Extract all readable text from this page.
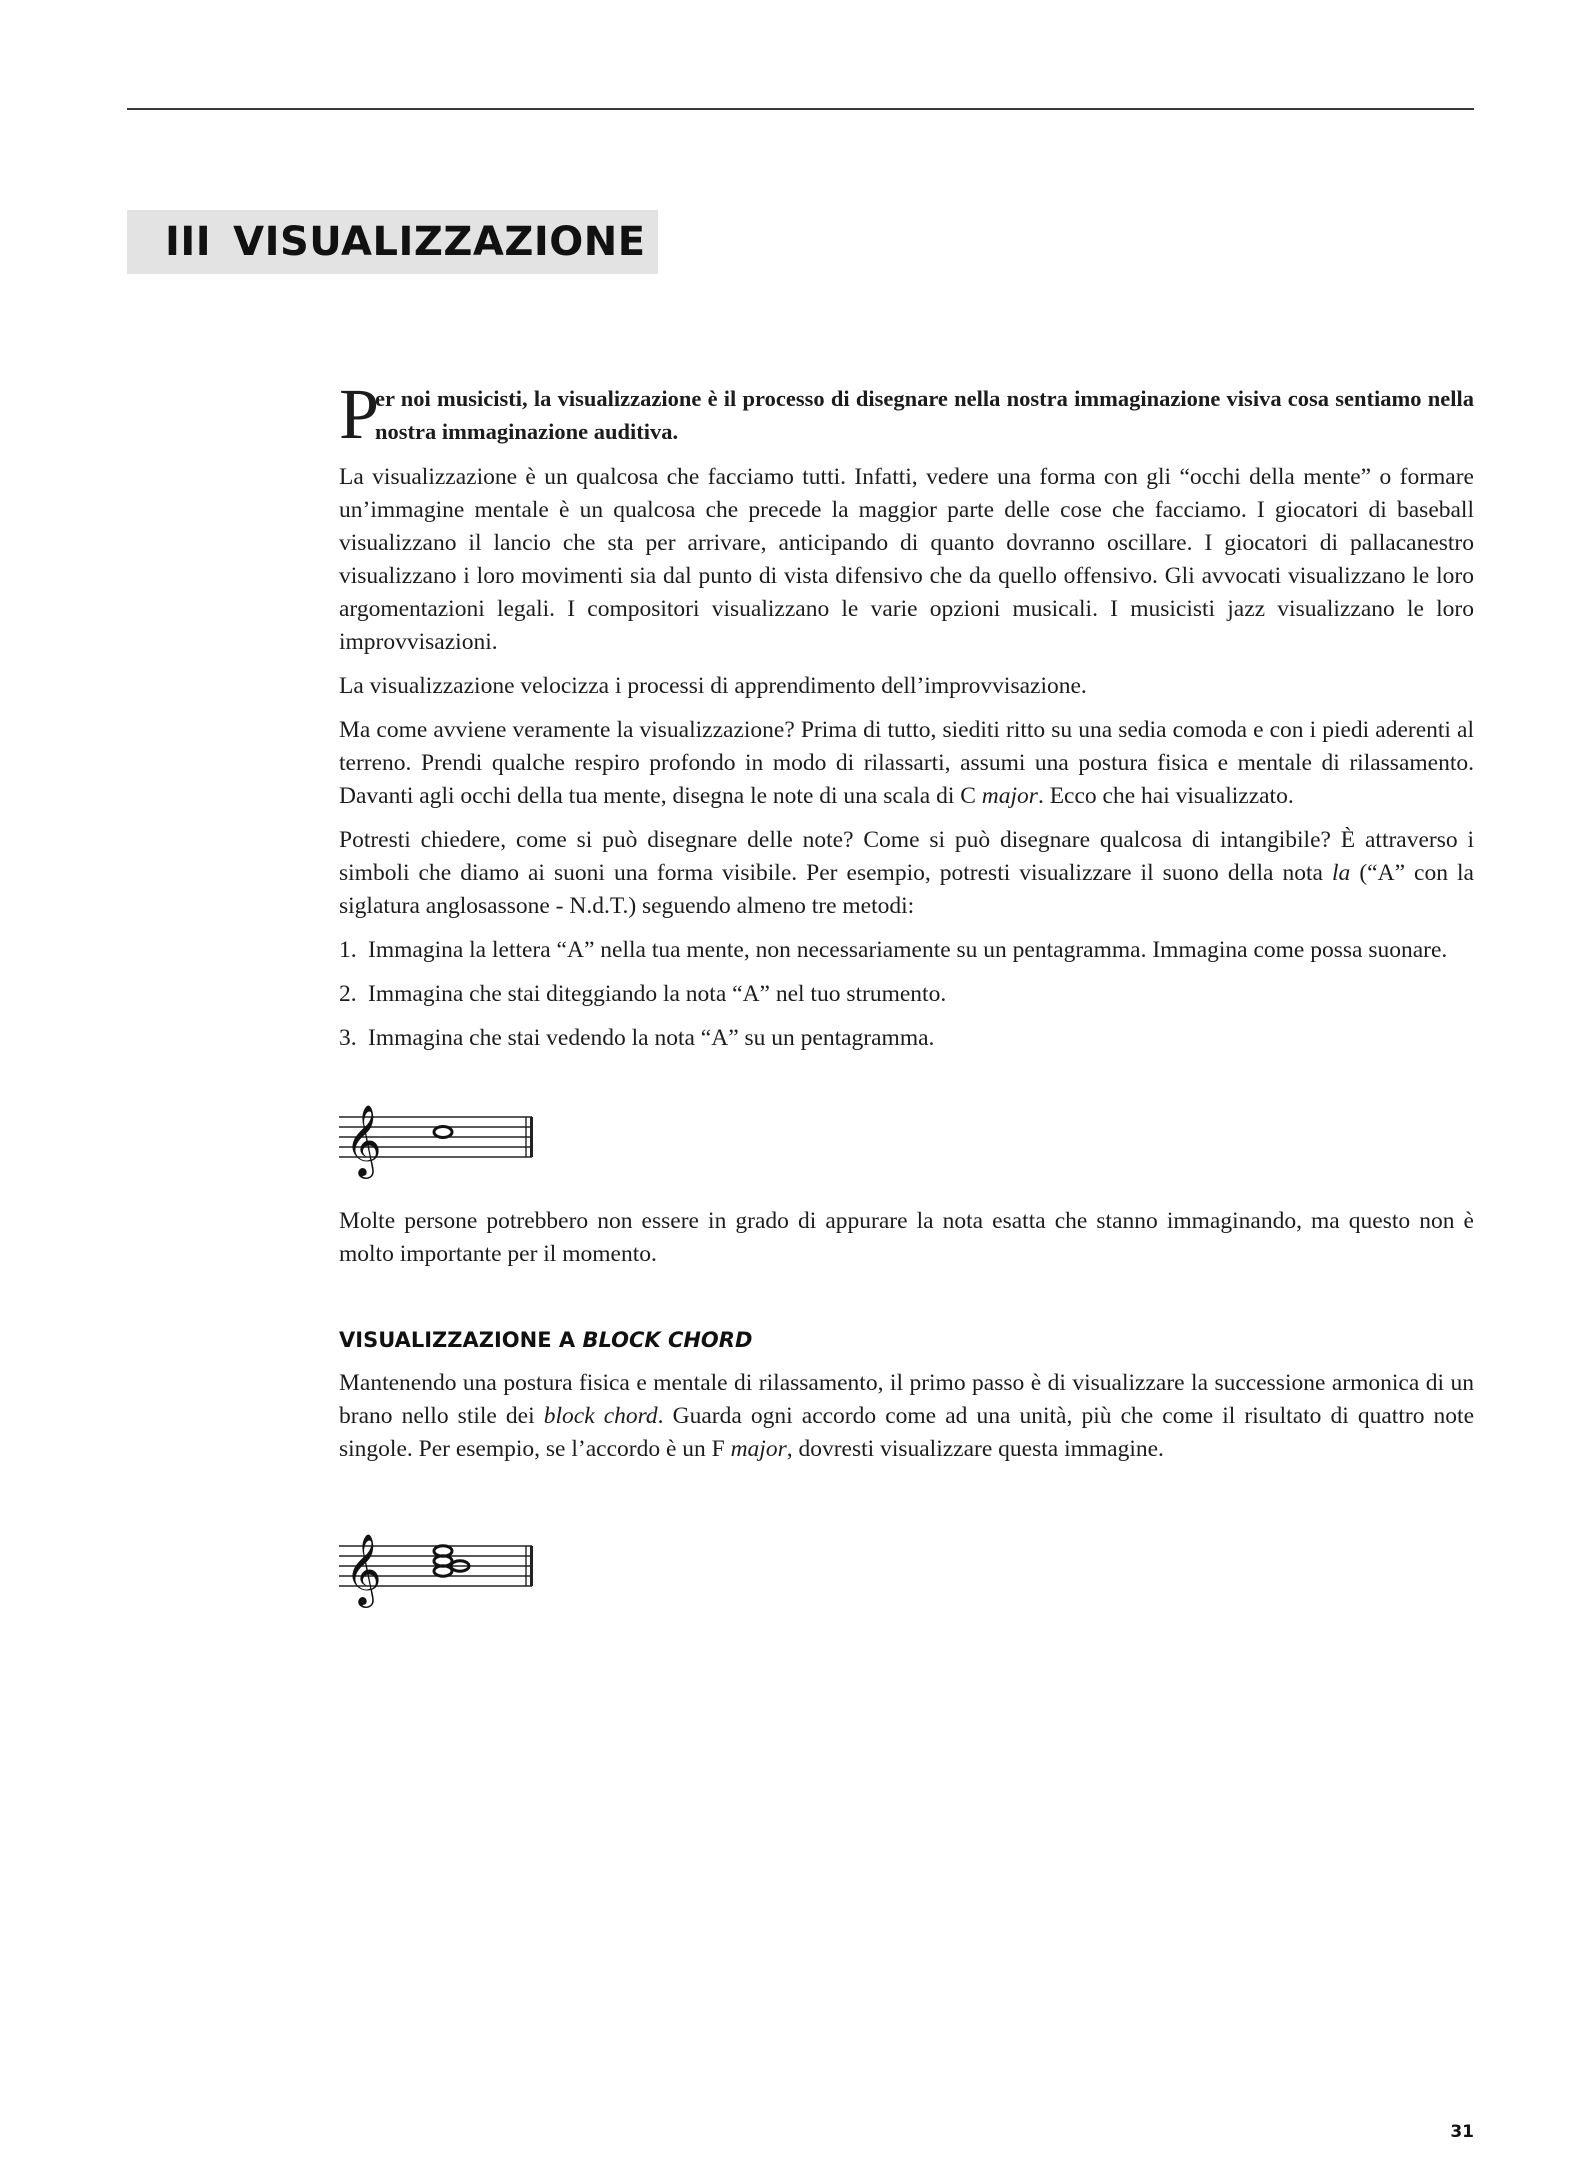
III VISUALIZZAZIONE

P
er noi musicisti, la visualizzazione è il processo di disegnare nella nostra immaginazione visiva cosa sentiamo nella nostra immaginazione auditiva.

La visualizzazione è un qualcosa che facciamo tutti. Infatti, vedere una forma con gli “occhi della mente” o formare un’immagine mentale è un qualcosa che precede la maggior parte delle cose che facciamo. I giocatori di baseball visualizzano il lancio che sta per arrivare, anticipando di quanto dovranno oscillare. I giocatori di pallacanestro visualizzano i loro movimenti sia dal punto di vista difensivo che da quello offensivo. Gli avvocati visualizzano le loro argomentazioni legali. I compositori visualizzano le varie opzioni musicali. I musicisti jazz visualizzano le loro improvvisazioni.

La visualizzazione velocizza i processi di apprendimento dell’improvvisazione.

Ma come avviene veramente la visualizzazione? Prima di tutto, siediti ritto su una sedia comoda e con i piedi aderenti al terreno. Prendi qualche respiro profondo in modo di rilassarti, assumi una postura fisica e mentale di rilassamento. Davanti agli occhi della tua mente, disegna le note di una scala di C major. Ecco che hai visualizzato.

Potresti chiedere, come si può disegnare delle note? Come si può disegnare qualcosa di intangibile? È attraverso i simboli che diamo ai suoni una forma visibile. Per esempio, potresti visualizzare il suono della nota la (“A” con la siglatura anglosassone - N.d.T.) seguendo almeno tre metodi:

1. Immagina la lettera “A” nella tua mente, non necessariamente su un pentagramma. Immagina come possa suonare.
2. Immagina che stai diteggiando la nota “A” nel tuo strumento.
3. Immagina che stai vedendo la nota “A” su un pentagramma.
𝄞

Molte persone potrebbero non essere in grado di appurare la nota esatta che stanno immaginando, ma questo non è molto importante per il momento.

VISUALIZZAZIONE A BLOCK CHORD

Mantenendo una postura fisica e mentale di rilassamento, il primo passo è di visualizzare la successione armonica di un brano nello stile dei block chord. Guarda ogni accordo come ad una unità, più che come il risultato di quattro note singole. Per esempio, se l’accordo è un F major, dovresti visualizzare questa immagine.

𝄞
31
